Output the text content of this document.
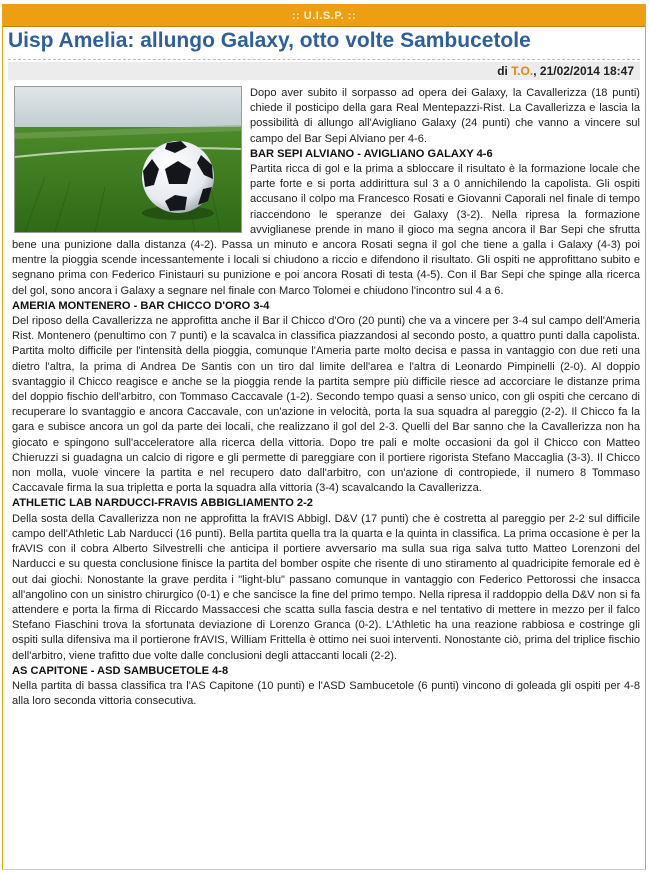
:: U.I.S.P. ::
Uisp Amelia: allungo Galaxy, otto volte Sambucetole
di T.O., 21/02/2014 18:47

Dopo aver subito il sorpasso ad opera dei Galaxy, la Cavallerizza (18 punti) chiede il posticipo della gara Real Mentepazzi-Rist. La Cavallerizza e lascia la possibilità di allungo all'Avigliano Galaxy (24 punti) che vanno a vincere sul campo del Bar Sepi Alviano per 4-6.

BAR SEPI ALVIANO - AVIGLIANO GALAXY 4-6

Partita ricca di gol e la prima a sbloccare il risultato è la formazione locale che parte forte e si porta addirittura sul 3 a 0 annichilendo la capolista. Gli ospiti accusano il colpo ma Francesco Rosati e Giovanni Caporali nel finale di tempo riaccendono le speranze dei Galaxy (3-2). Nella ripresa la formazione avviglianese prende in mano il gioco ma segna ancora il Bar Sepi che sfrutta bene una punizione dalla distanza (4-2). Passa un minuto e ancora Rosati segna il gol che tiene a galla i Galaxy (4-3) poi mentre la pioggia scende incessantemente i locali si chiudono a riccio e difendono il risultato. Gli ospiti ne approfittano subito e segnano prima con Federico Finistauri su punizione e poi ancora Rosati di testa (4-5). Con il Bar Sepi che spinge alla ricerca del gol, sono ancora i Galaxy a segnare nel finale con Marco Tolomei e chiudono l'incontro sul 4 a 6.

AMERIA MONTENERO - BAR CHICCO D'ORO 3-4

Del riposo della Cavallerizza ne approfitta anche il Bar il Chicco d'Oro (20 punti) che va a vincere per 3-4 sul campo dell'Ameria Rist. Montenero (penultimo con 7 punti) e la scavalca in classifica piazzandosi al secondo posto, a quattro punti dalla capolista. Partita molto difficile per l'intensità della pioggia, comunque l'Ameria parte molto decisa e passa in vantaggio con due reti una dietro l'altra, la prima di Andrea De Santis con un tiro dal limite dell'area e l'altra di Leonardo Pimpinelli (2-0). Al doppio svantaggio il Chicco reagisce e anche se la pioggia rende la partita sempre più difficile riesce ad accorciare le distanze prima del doppio fischio dell'arbitro, con Tommaso Caccavale (1-2). Secondo tempo quasi a senso unico, con gli ospiti che cercano di recuperare lo svantaggio e ancora Caccavale, con un'azione in velocità, porta la sua squadra al pareggio (2-2). Il Chicco fa la gara e subisce ancora un gol da parte dei locali, che realizzano il gol del 2-3. Quelli del Bar sanno che la Cavallerizza non ha giocato e spingono sull'acceleratore alla ricerca della vittoria. Dopo tre pali e molte occasioni da gol il Chicco con Matteo Chieruzzi si guadagna un calcio di rigore e gli permette di pareggiare con il portiere rigorista Stefano Maccaglia (3-3). Il Chicco non molla, vuole vincere la partita e nel recupero dato dall'arbitro, con un'azione di contropiede, il numero 8 Tommaso Caccavale firma la sua tripletta e porta la squadra alla vittoria (3-4) scavalcando la Cavallerizza.

ATHLETIC LAB NARDUCCI-FRAVIS ABBIGLIAMENTO 2-2

Della sosta della Cavallerizza non ne approfitta la frAVIS Abbigl. D&V (17 punti) che è costretta al pareggio per 2-2 sul difficile campo dell'Athletic Lab Narducci (16 punti). Bella partita quella tra la quarta e la quinta in classifica. La prima occasione è per la frAVIS con il cobra Alberto Silvestrelli che anticipa il portiere avversario ma sulla sua riga salva tutto Matteo Lorenzoni del Narducci e su questa conclusione finisce la partita del bomber ospite che risente di uno stiramento al quadricipite femorale ed è out dai giochi. Nonostante la grave perdita i "light-blu" passano comunque in vantaggio con Federico Pettorossi che insacca all'angolino con un sinistro chirurgico (0-1) e che sancisce la fine del primo tempo. Nella ripresa il raddoppio della D&V non si fa attendere e porta la firma di Riccardo Massaccesi che scatta sulla fascia destra e nel tentativo di mettere in mezzo per il falco Stefano Fiaschini trova la sfortunata deviazione di Lorenzo Granca (0-2). L'Athletic ha una reazione rabbiosa e costringe gli ospiti sulla difensiva ma il portierone frAVIS, William Frittella è ottimo nei suoi interventi. Nonostante ciò, prima del triplice fischio dell'arbitro, viene trafitto due volte dalle conclusioni degli attaccanti locali (2-2).

AS CAPITONE - ASD SAMBUCETOLE 4-8

Nella partita di bassa classifica tra l'AS Capitone (10 punti) e l'ASD Sambucetole (6 punti) vincono di goleada gli ospiti per 4-8 alla loro seconda vittoria consecutiva.
